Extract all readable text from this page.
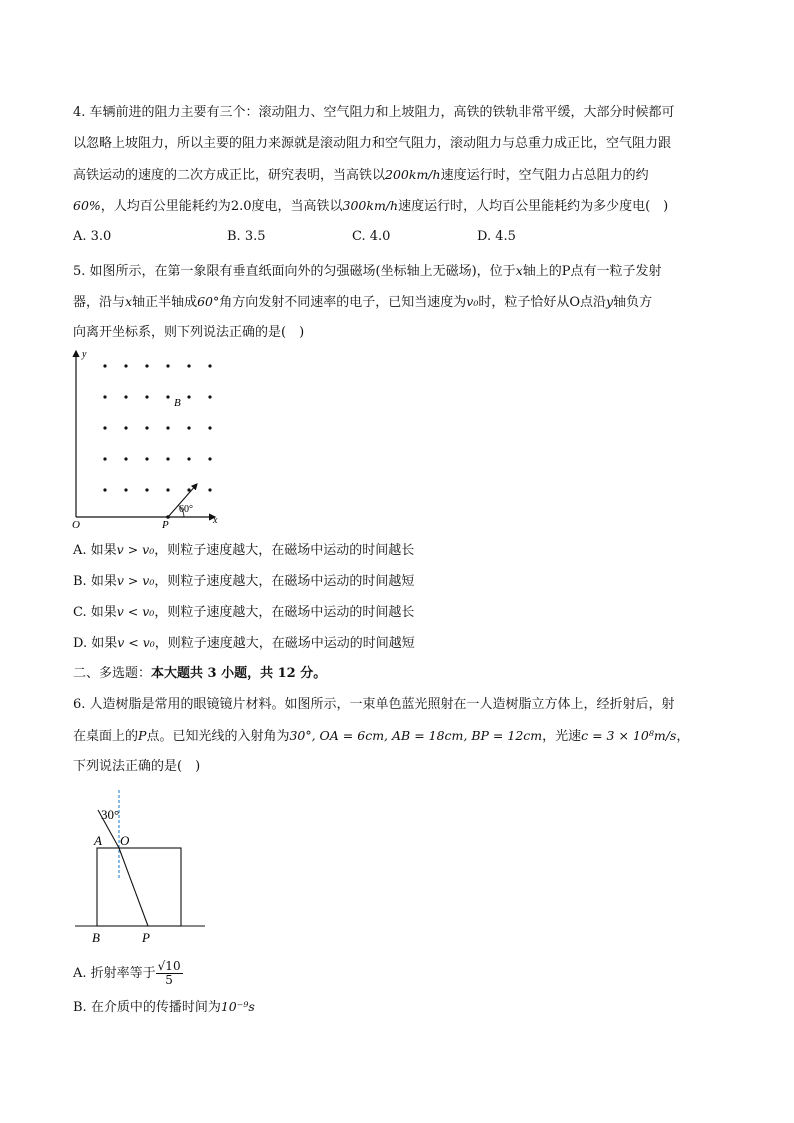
4. 车辆前进的阻力主要有三个：滚动阻力、空气阻力和上坡阻力，高铁的铁轨非常平缓，大部分时候都可
以忽略上坡阻力，所以主要的阻力来源就是滚动阻力和空气阻力，滚动阻力与总重力成正比，空气阻力跟
高铁运动的速度的二次方成正比，研究表明，当高铁以200km/h速度运行时，空气阻力占总阻力的约
60%，人均百公里能耗约为2.0度电，当高铁以300km/h速度运行时，人均百公里能耗约为多少度电(　)
A. 3.0	B. 3.5	C. 4.0	D. 4.5
5. 如图所示，在第一象限有垂直纸面向外的匀强磁场(坐标轴上无磁场)，位于x轴上的P点有一粒子发射
器，沿与x轴正半轴成60°角方向发射不同速率的电子，已知当速度为v₀时，粒子恰好从O点沿y轴负方
向离开坐标系，则下列说法正确的是(　)
y
x
O	P
B
60°
A. 如果v > v₀，则粒子速度越大，在磁场中运动的时间越长
B. 如果v > v₀，则粒子速度越大，在磁场中运动的时间越短
C. 如果v < v₀，则粒子速度越大，在磁场中运动的时间越长
D. 如果v < v₀，则粒子速度越大，在磁场中运动的时间越短
二、多选题：本大题共 3 小题，共 12 分。
6. 人造树脂是常用的眼镜镜片材料。如图所示，一束单色蓝光照射在一人造树脂立方体上，经折射后，射
在桌面上的P点。已知光线的入射角为30°, OA = 6cm, AB = 18cm, BP = 12cm，光速c = 3 × 10⁸m/s，
下列说法正确的是(　)
30°
A O
B	P
A. 折射率等于 $\frac{√10}{5}$
B. 在介质中的传播时间为10⁻⁹s
